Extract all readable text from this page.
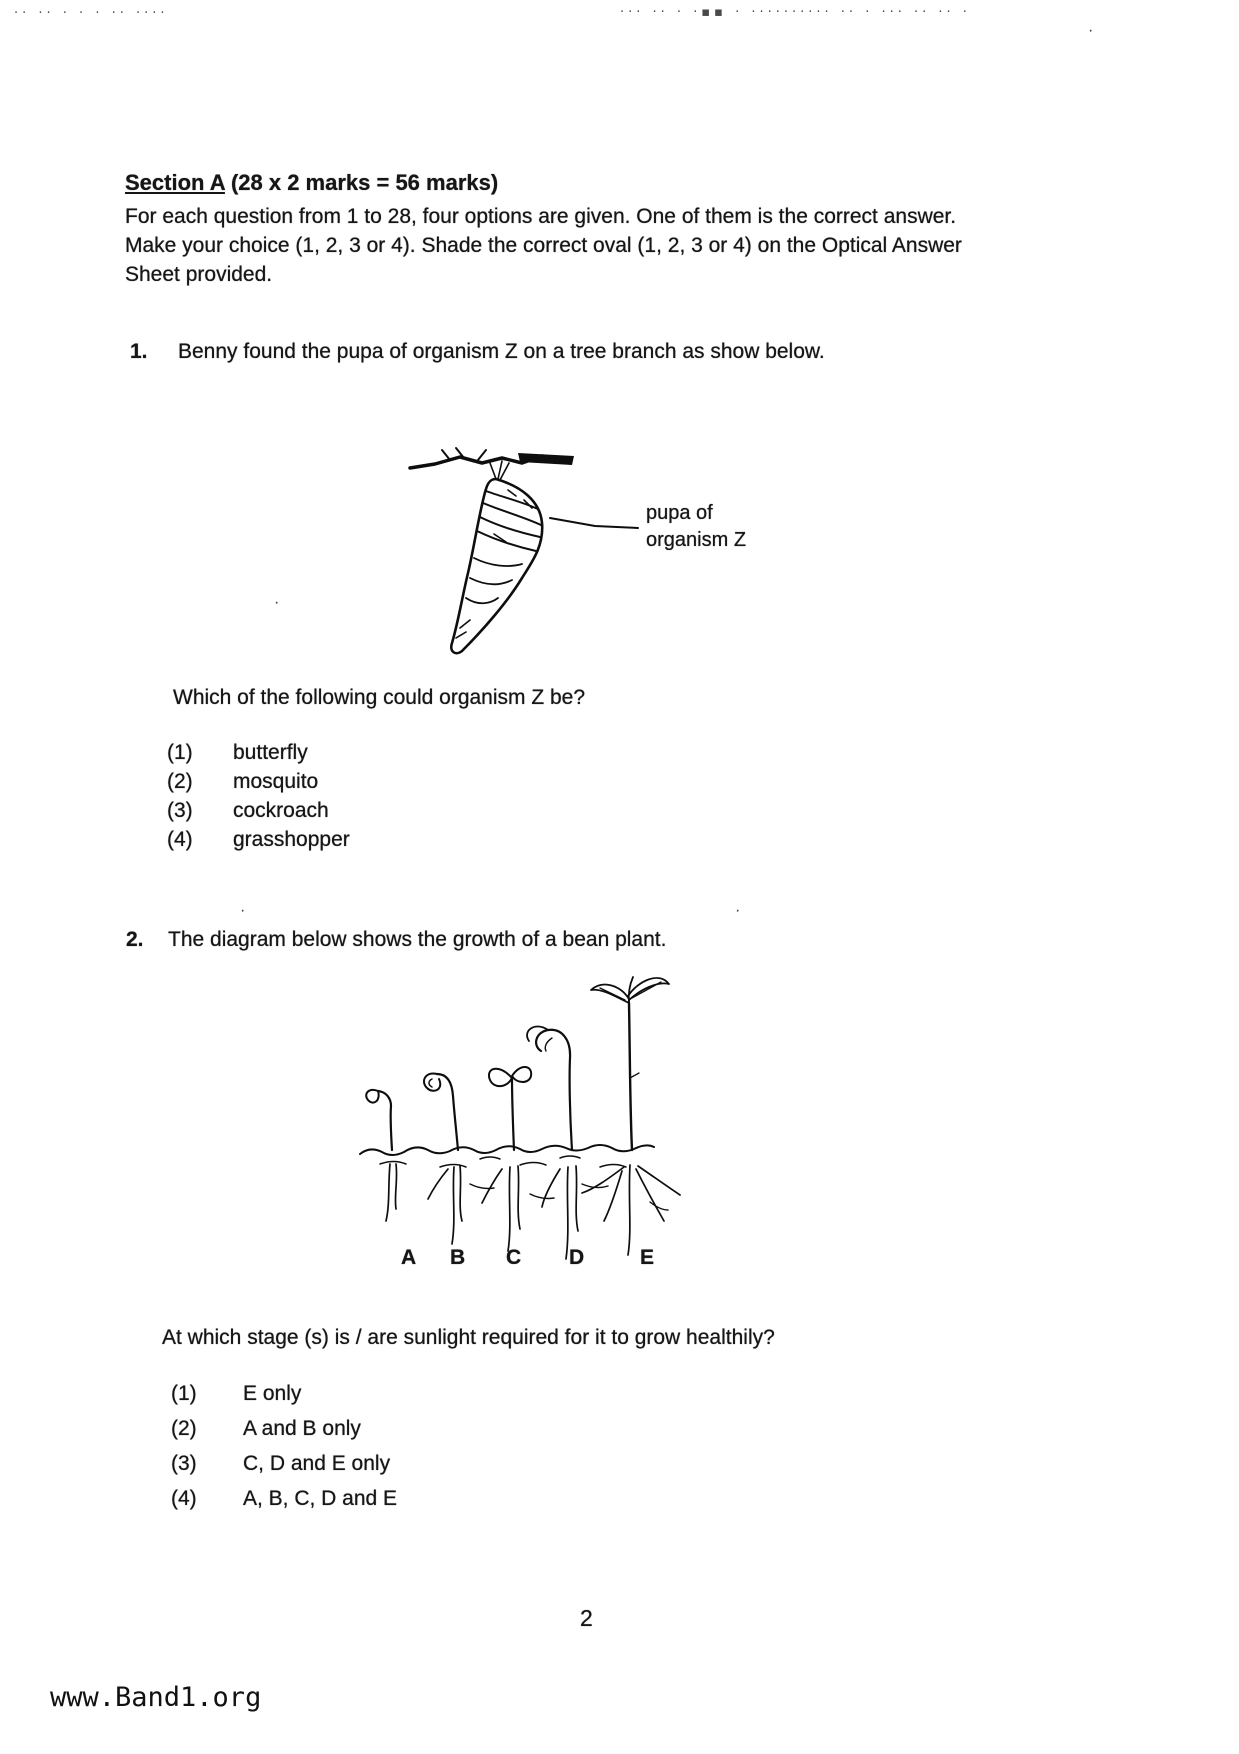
·· ·· · · · ·· ····	··· ·· · ·▪▪ · ·········· ·· · ··· ·· ·· ·
·
·
·	·
Section A (28 x 2 marks = 56 marks)
For each question from 1 to 28, four options are given. One of them is the correct answer.
Make your choice (1, 2, 3 or 4). Shade the correct oval (1, 2, 3 or 4) on the Optical Answer
Sheet provided.
1. Benny found the pupa of organism Z on a tree branch as show below.
pupa of
organism Z
Which of the following could organism Z be?
(1)	butterfly
(2)	mosquito
(3)	cockroach
(4)	grasshopper
2. The diagram below shows the growth of a bean plant.
A B C D	E
At which stage (s) is / are sunlight required for it to grow healthily?
(1)	E only
(2)	A and B only
(3)	C, D and E only
(4)	A, B, C, D and E
2
www.Band1.org
